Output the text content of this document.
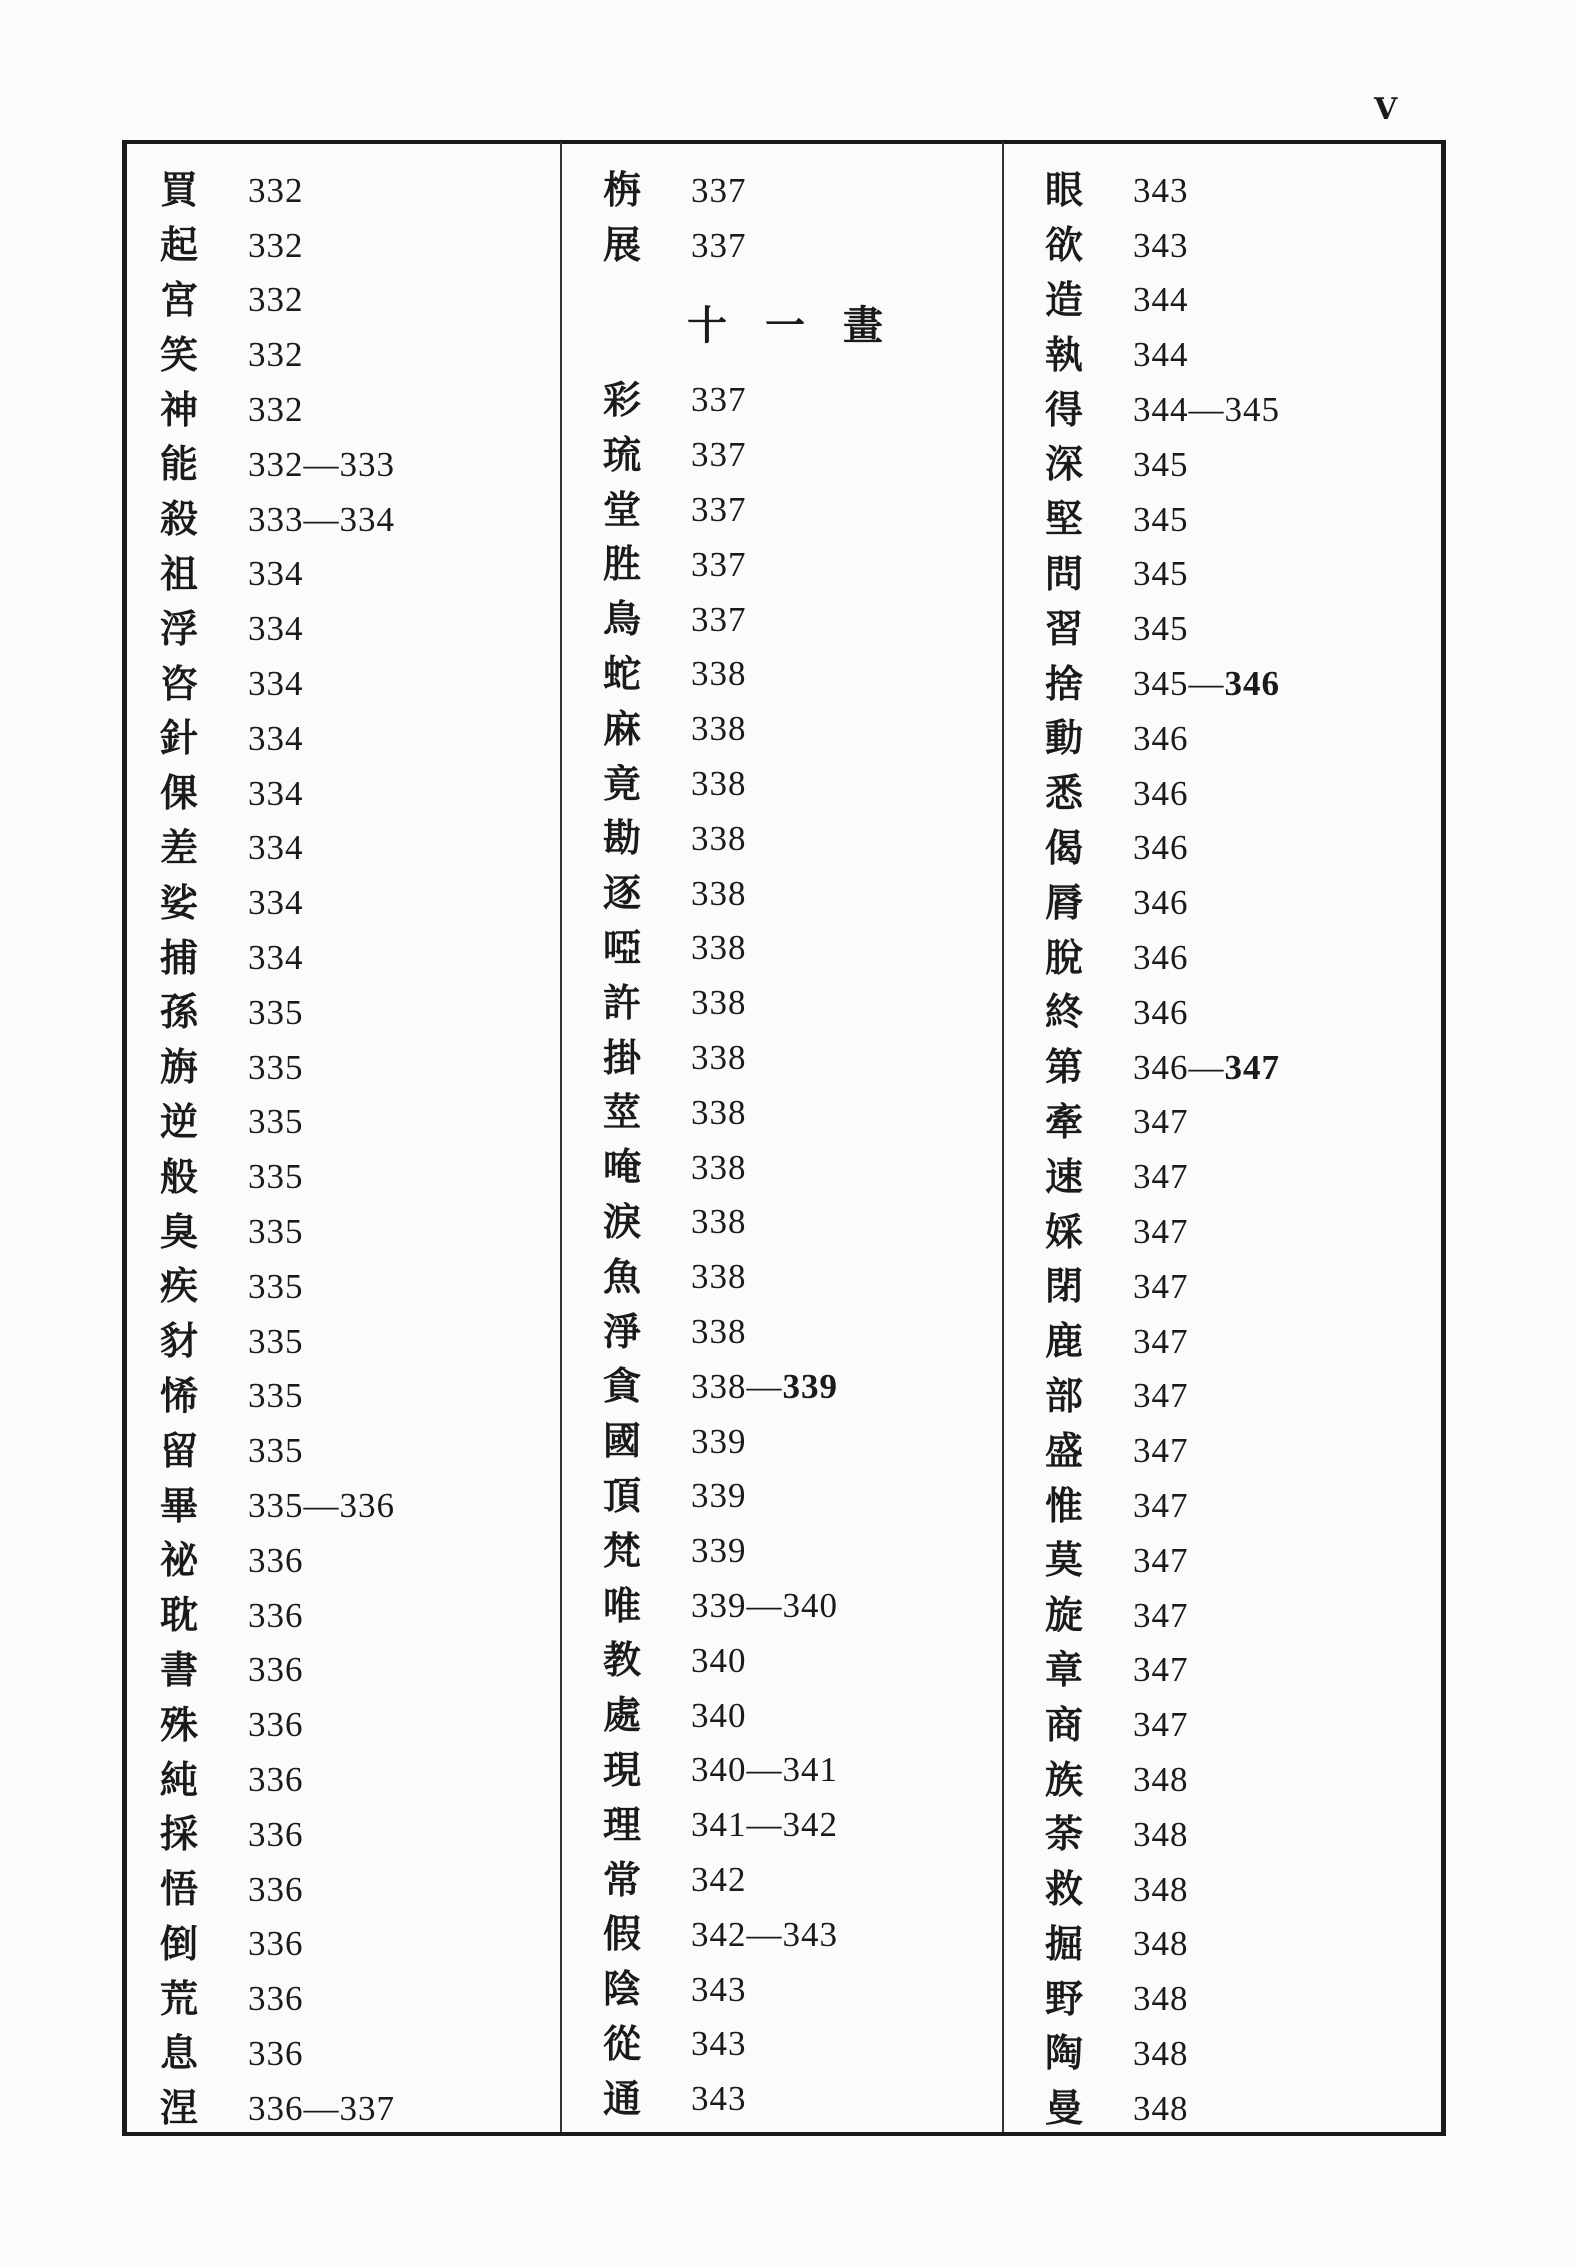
V
買	332
起	332
宮	332
笑	332
神	332
能	332—333
殺	333—334
祖	334
浮	334
咨	334
針	334
倮	334
差	334
娑	334
捕	334
孫	335
旃	335
逆	335
般	335
臭	335
疾	335
豺	335
悕	335
留	335
畢	335—336
祕	336
耽	336
書	336
殊	336
純	336
採	336
悟	336
倒	336
荒	336
息	336
涅	336—337
栴	337
展	337
十一畫
彩	337
琉	337
堂	337
胜	337
鳥	337
蛇	338
麻	338
竟	338
勘	338
逐	338
啞	338
許	338
掛	338
莖	338
唵	338
淚	338
魚	338
淨	338
貪	338—339
國	339
頂	339
梵	339
唯	339—340
教	340
處	340
現	340—341
理	341—342
常	342
假	342—343
陰	343
從	343
通	343
眼	343
欲	343
造	344
執	344
得	344—345
深	345
堅	345
問	345
習	345
捨	345—346
動	346
悉	346
偈	346
脣	346
脫	346
終	346
第	346—347
牽	347
速	347
婇	347
閉	347
鹿	347
部	347
盛	347
惟	347
莫	347
旋	347
章	347
商	347
族	348
荼	348
救	348
掘	348
野	348
陶	348
曼	348
